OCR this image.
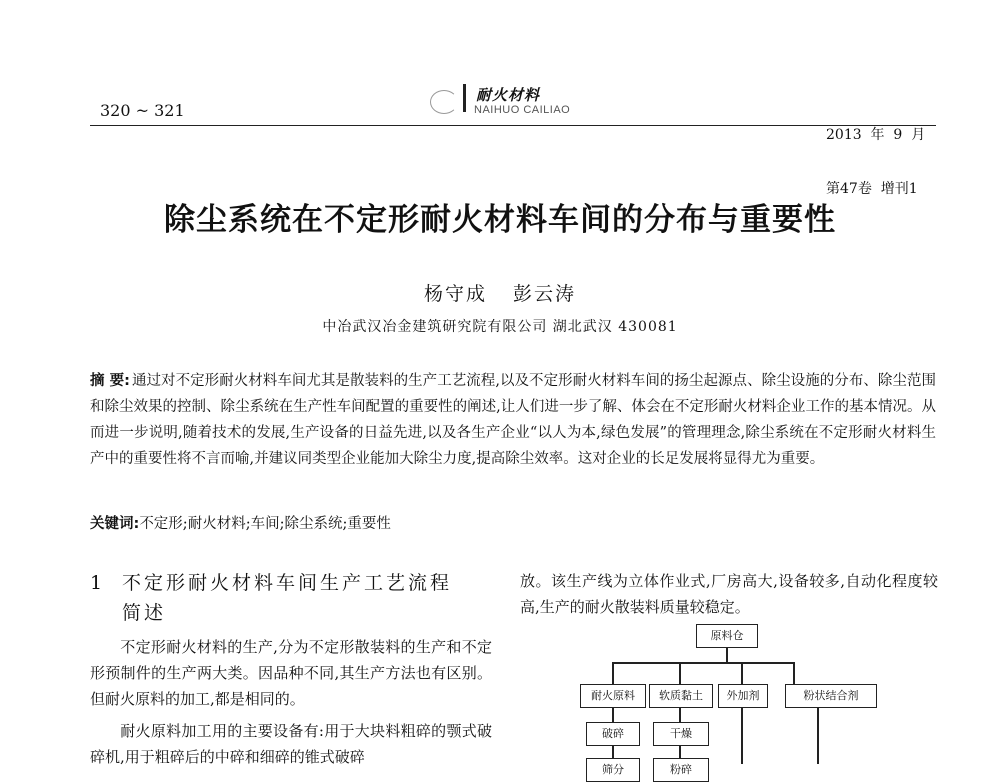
320 ~ 321
耐火材料
NAIHUO CAILIAO

2013  年  9  月

第47卷  增刊1

除尘系统在不定形耐火材料车间的分布与重要性
杨守成 彭云涛
中冶武汉冶金建筑研究院有限公司 湖北武汉 430081
摘 要: 通过对不定形耐火材料车间尤其是散装料的生产工艺流程,以及不定形耐火材料车间的扬尘起源点、除尘设施的分布、除尘范围和除尘效果的控制、除尘系统在生产性车间配置的重要性的阐述,让人们进一步了解、体会在不定形耐火材料企业工作的基本情况。从而进一步说明,随着技术的发展,生产设备的日益先进,以及各生产企业“以人为本,绿色发展”的管理理念,除尘系统在不定形耐火材料生产中的重要性将不言而喻,并建议同类型企业能加大除尘力度,提高除尘效率。这对企业的长足发展将显得尤为重要。
关键词:不定形;耐火材料;车间;除尘系统;重要性
1 不定形耐火材料车间生产工艺流程
简述
不定形耐火材料的生产,分为不定形散装料的生产和不定形预制件的生产两大类。因品种不同,其生产方法也有区别。但耐火原料的加工,都是相同的。
耐火原料加工用的主要设备有:用于大块料粗碎的颚式破碎机,用于粗碎后的中碎和细碎的锥式破碎
放。该生产线为立体作业式,厂房高大,设备较多,自动化程度较高,生产的耐火散装料质量较稳定。
原料仓
耐火原料	软质黏土	外加剂	粉状结合剂
破碎	干燥
筛分	粉碎
